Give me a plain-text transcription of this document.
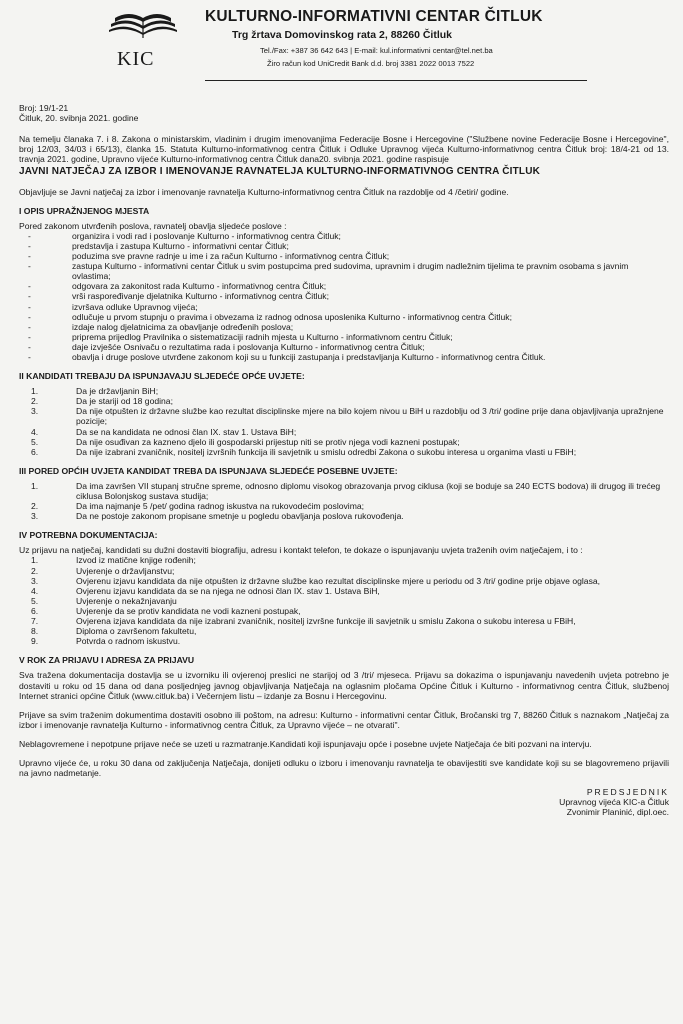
KIC
KULTURNO-INFORMATIVNI CENTAR ČITLUK
Trg žrtava Domovinskog rata 2, 88260 Čitluk
Tel./Fax: +387 36 642 643 | E-mail: kul.informativni centar@tel.net.ba
Žiro račun kod UniCredit Bank d.d. broj 3381 2022 0013 7522

Broj: 19/1-21

Čitluk, 20. svibnja 2021. godine

Na temelju članaka 7. i 8. Zakona o ministarskim, vladinim i drugim imenovanjima Federacije Bosne i Hercegovine ("Službene novine Federacije Bosne i Hercegovine", broj 12/03, 34/03 i 65/13), članka 15. Statuta Kulturno-informativnog centra Čitluk i Odluke Upravnog vijeća Kulturno-informativnog centra Čitluk broj: 18/4-21 od 13. travnja 2021. godine, Upravno vijeće Kulturno-informativnog centra Čitluk dana20. svibnja 2021. godine raspisuje

JAVNI NATJEČAJ ZA IZBOR I IMENOVANJE RAVNATELJA KULTURNO-INFORMATIVNOG CENTRA ČITLUK

Objavljuje se Javni natječaj za izbor i imenovanje ravnatelja Kulturno-informativnog centra Čitluk na razdoblje od 4 /četiri/ godine.

I OPIS UPRAŽNJENOG MJESTA

Pored zakonom utvrđenih poslova, ravnatelj obavlja sljedeće poslove :

- organizira i vodi rad i poslovanje Kulturno - informativnog centra Čitluk;
- predstavlja i zastupa Kulturno - informativni centar Čitluk;
- poduzima sve pravne radnje u ime i za račun Kulturno - informativnog centra Čitluk;
- zastupa Kulturno - informativni centar Čitluk u svim postupcima pred sudovima, upravnim i drugim nadležnim tijelima te pravnim osobama s javnim ovlastima;
- odgovara za zakonitost rada Kulturno - informativnog centra Čitluk;
- vrši raspoređivanje djelatnika Kulturno - informativnog centra Čitluk;
- izvršava odluke Upravnog vijeća;
- odlučuje u prvom stupnju o pravima i obvezama iz radnog odnosa uposlenika Kulturno - informativnog centra Čitluk;
- izdaje nalog djelatnicima za obavljanje određenih poslova;
- priprema prijedlog Pravilnika o sistematizaciji radnih mjesta u Kulturno - informativnom centru Čitluk;
- daje izvješće Osnivaču o rezultatima rada i poslovanja Kulturno - informativnog centra Čitluk;
- obavlja i druge poslove utvrđene zakonom koji su u funkciji zastupanja i predstavljanja Kulturno - informativnog centra Čitluk.

II KANDIDATI TREBAJU DA ISPUNJAVAJU SLJEDEĆE OPĆE UVJETE:

1.	Da je državljanin BiH;
2.	Da je stariji od 18 godina;
3.	Da nije otpušten iz državne službe kao rezultat disciplinske mjere na bilo kojem nivou u BiH u razdoblju od 3 /tri/ godine prije dana objavljivanja upražnjene pozicije;
4.	Da se na kandidata ne odnosi član IX. stav 1. Ustava BiH;
5.	Da nije osuđivan za kazneno djelo ili gospodarski prijestup niti se protiv njega vodi kazneni postupak;
6.	Da nije izabrani zvaničnik, nositelj izvršnih funkcija ili savjetnik u smislu odredbi Zakona o sukobu interesa u organima vlasti u FBiH;

III PORED OPĆIH UVJETA KANDIDAT TREBA DA ISPUNJAVA SLJEDEĆE POSEBNE UVJETE:

1.	Da ima završen VII stupanj stručne spreme, odnosno diplomu visokog obrazovanja prvog ciklusa (koji se boduje sa 240 ECTS bodova) ili drugog ili trećeg ciklusa Bolonjskog sustava studija;
2.	Da ima najmanje 5 /pet/ godina radnog iskustva na rukovodećim poslovima;
3.	Da ne postoje zakonom propisane smetnje u pogledu obavljanja poslova rukovođenja.

IV POTREBNA DOKUMENTACIJA:

Uz prijavu na natječaj, kandidati su dužni dostaviti biografiju, adresu i kontakt telefon, te dokaze o ispunjavanju uvjeta traženih ovim natječajem, i to :

1.	Izvod iz matične knjige rođenih;
2.	Uvjerenje o državljanstvu;
3.	Ovjerenu izjavu kandidata da nije otpušten iz državne službe kao rezultat disciplinske mjere u periodu od 3 /tri/ godine prije objave oglasa,
4.	Ovjerenu izjavu kandidata da se na njega ne odnosi član IX. stav 1. Ustava BiH,
5.	Uvjerenje o nekažnjavanju
6.	Uvjerenje da se protiv kandidata ne vodi kazneni postupak,
7.	Ovjerena izjava kandidata da nije izabrani zvaničnik, nositelj izvršne funkcije ili savjetnik u smislu Zakona o sukobu interesa u FBiH,
8.	Diploma o završenom fakultetu,
9.	Potvrda o radnom iskustvu.

V ROK ZA PRIJAVU I ADRESA ZA PRIJAVU

Sva tražena dokumentacija dostavlja se u izvorniku ili ovjerenoj preslici ne starijoj od 3 /tri/ mjeseca. Prijavu sa dokazima o ispunjavanju navedenih uvjeta potrebno je dostaviti u roku od 15 dana od dana posljednjeg javnog objavljivanja Natječaja na oglasnim pločama Općine Čitluk i Kulturno - informativnog centra Čitluk, službenoj Internet stranici općine Čitluk (www.citluk.ba) i Večernjem listu – izdanje za Bosnu i Hercegovinu.

Prijave sa svim traženim dokumentima dostaviti osobno ili poštom, na adresu: Kulturno - informativni centar Čitluk, Bročanski trg 7, 88260 Čitluk s naznakom „Natječaj za izbor i imenovanje ravnatelja Kulturno - informativnog centra Čitluk, za Upravno vijeće – ne otvarati".

Neblagovremene i nepotpune prijave neće se uzeti u razmatranje.Kandidati koji ispunjavaju opće i posebne uvjete Natječaja će biti pozvani na intervju.

Upravno vijeće će, u roku 30 dana od zaključenja Natječaja, donijeti odluku o izboru i imenovanju ravnatelja te obavijestiti sve kandidate koji su se blagovremeno prijavili na javno nadmetanje.

PREDSJEDNIK

Upravnog vijeća KIC-a Čitluk

Zvonimir Planinić, dipl.oec.
